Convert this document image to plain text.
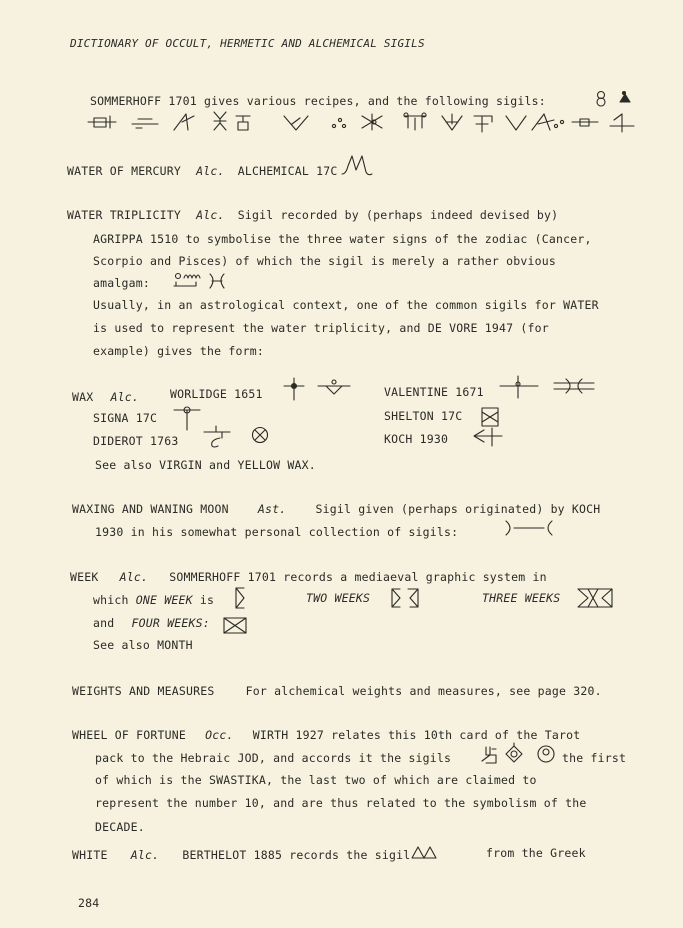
DICTIONARY OF OCCULT, HERMETIC AND ALCHEMICAL SIGILS
SOMMERHOFF 1701 gives various recipes, and the following sigils:
WATER OF MERCURY Alc. ALCHEMICAL 17C
WATER TRIPLICITY Alc. Sigil recorded by (perhaps indeed devised by)
AGRIPPA 1510 to symbolise the three water signs of the zodiac (Cancer,
Scorpio and Pisces) of which the sigil is merely a rather obvious
amalgam:
Usually, in an astrological context, one of the common sigils for WATER
is used to represent the water triplicity, and DE VORE 1947 (for
example) gives the form:
WAX Alc.	WORLIDGE 1651	VALENTINE 1671
SIGNA 17C	SHELTON 17C
DIDEROT 1763	KOCH 1930
See also VIRGIN and YELLOW WAX.
WAXING AND WANING MOON	Ast.	Sigil given (perhaps originated) by KOCH
1930 in his somewhat personal collection of sigils:
WEEK Alc. SOMMERHOFF 1701 records a mediaeval graphic system in
which ONE WEEK is	TWO WEEKS	THREE WEEKS
and FOUR WEEKS:
See also MONTH
WEIGHTS AND MEASURES	For alchemical weights and measures, see page 320.
WHEEL OF FORTUNE Occ. WIRTH 1927 relates this 10th card of the Tarot
pack to the Hebraic JOD, and accords it the sigils	the first
of which is the SWASTIKA, the last two of which are claimed to
represent the number 10, and are thus related to the symbolism of the
DECADE.
WHITE Alc. BERTHELOT 1885 records the sigil	from the Greek
284
